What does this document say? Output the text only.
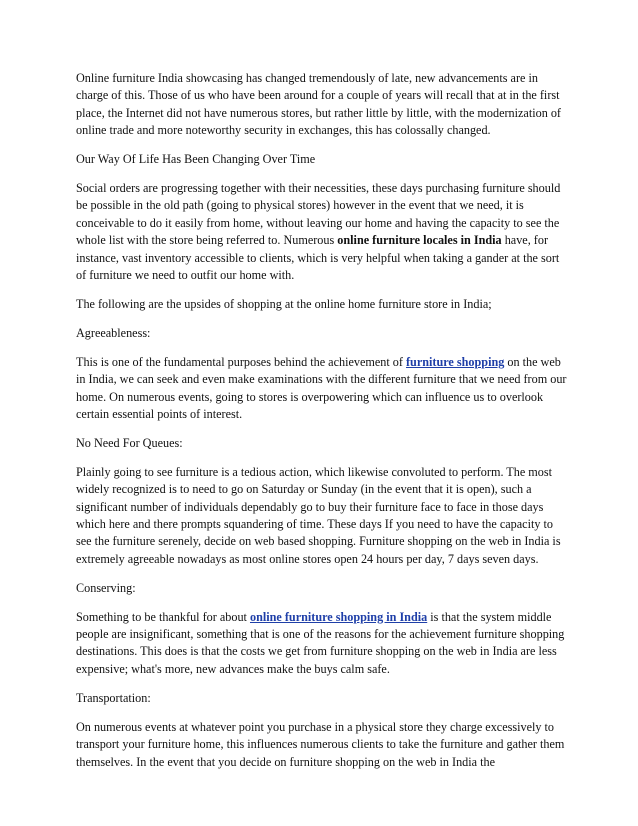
Online furniture India showcasing has changed tremendously of late, new advancements are in charge of this. Those of us who have been around for a couple of years will recall that at in the first place, the Internet did not have numerous stores, but rather little by little, with the modernization of online trade and more noteworthy security in exchanges, this has colossally changed.

Our Way Of Life Has Been Changing Over Time

Social orders are progressing together with their necessities, these days purchasing furniture should be possible in the old path (going to physical stores) however in the event that we need, it is conceivable to do it easily from home, without leaving our home and having the capacity to see the whole list with the store being referred to. Numerous online furniture locales in India have, for instance, vast inventory accessible to clients, which is very helpful when taking a gander at the sort of furniture we need to outfit our home with.

The following are the upsides of shopping at the online home furniture store in India;

Agreeableness:

This is one of the fundamental purposes behind the achievement of furniture shopping on the web in India, we can seek and even make examinations with the different furniture that we need from our home. On numerous events, going to stores is overpowering which can influence us to overlook certain essential points of interest.

No Need For Queues:

Plainly going to see furniture is a tedious action, which likewise convoluted to perform. The most widely recognized is to need to go on Saturday or Sunday (in the event that it is open), such a significant number of individuals dependably go to buy their furniture face to face in those days which here and there prompts squandering of time. These days If you need to have the capacity to see the furniture serenely, decide on web based shopping. Furniture shopping on the web in India is extremely agreeable nowadays as most online stores open 24 hours per day, 7 days seven days.

Conserving:

Something to be thankful for about online furniture shopping in India is that the system middle people are insignificant, something that is one of the reasons for the achievement furniture shopping destinations. This does is that the costs we get from furniture shopping on the web in India are less expensive; what's more, new advances make the buys calm safe.

Transportation:

On numerous events at whatever point you purchase in a physical store they charge excessively to transport your furniture home, this influences numerous clients to take the furniture and gather them themselves. In the event that you decide on furniture shopping on the web in India the
